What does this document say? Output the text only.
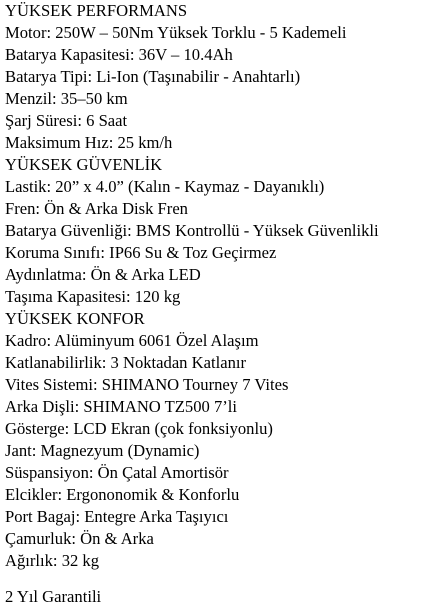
YÜKSEK PERFORMANS
Motor: 250W – 50Nm Yüksek Torklu - 5 Kademeli
Batarya Kapasitesi: 36V – 10.4Ah
Batarya Tipi: Li-Ion (Taşınabilir - Anahtarlı)
Menzil: 35–50 km
Şarj Süresi: 6 Saat
Maksimum Hız: 25 km/h
YÜKSEK GÜVENLİK
Lastik: 20” x 4.0” (Kalın - Kaymaz - Dayanıklı)
Fren: Ön & Arka Disk Fren
Batarya Güvenliği: BMS Kontrollü - Yüksek Güvenlikli
Koruma Sınıfı: IP66 Su & Toz Geçirmez
Aydınlatma: Ön & Arka LED
Taşıma Kapasitesi: 120 kg
YÜKSEK KONFOR
Kadro: Alüminyum 6061 Özel Alaşım
Katlanabilirlik: 3 Noktadan Katlanır
Vites Sistemi: SHIMANO Tourney 7 Vites
Arka Dişli: SHIMANO TZ500 7’li
Gösterge: LCD Ekran (çok fonksiyonlu)
Jant: Magnezyum (Dynamic)
Süspansiyon: Ön Çatal Amortisör
Elcikler: Ergononomik & Konforlu
Port Bagaj: Entegre Arka Taşıyıcı
Çamurluk: Ön & Arka
Ağırlık: 32 kg
2 Yıl Garantili
